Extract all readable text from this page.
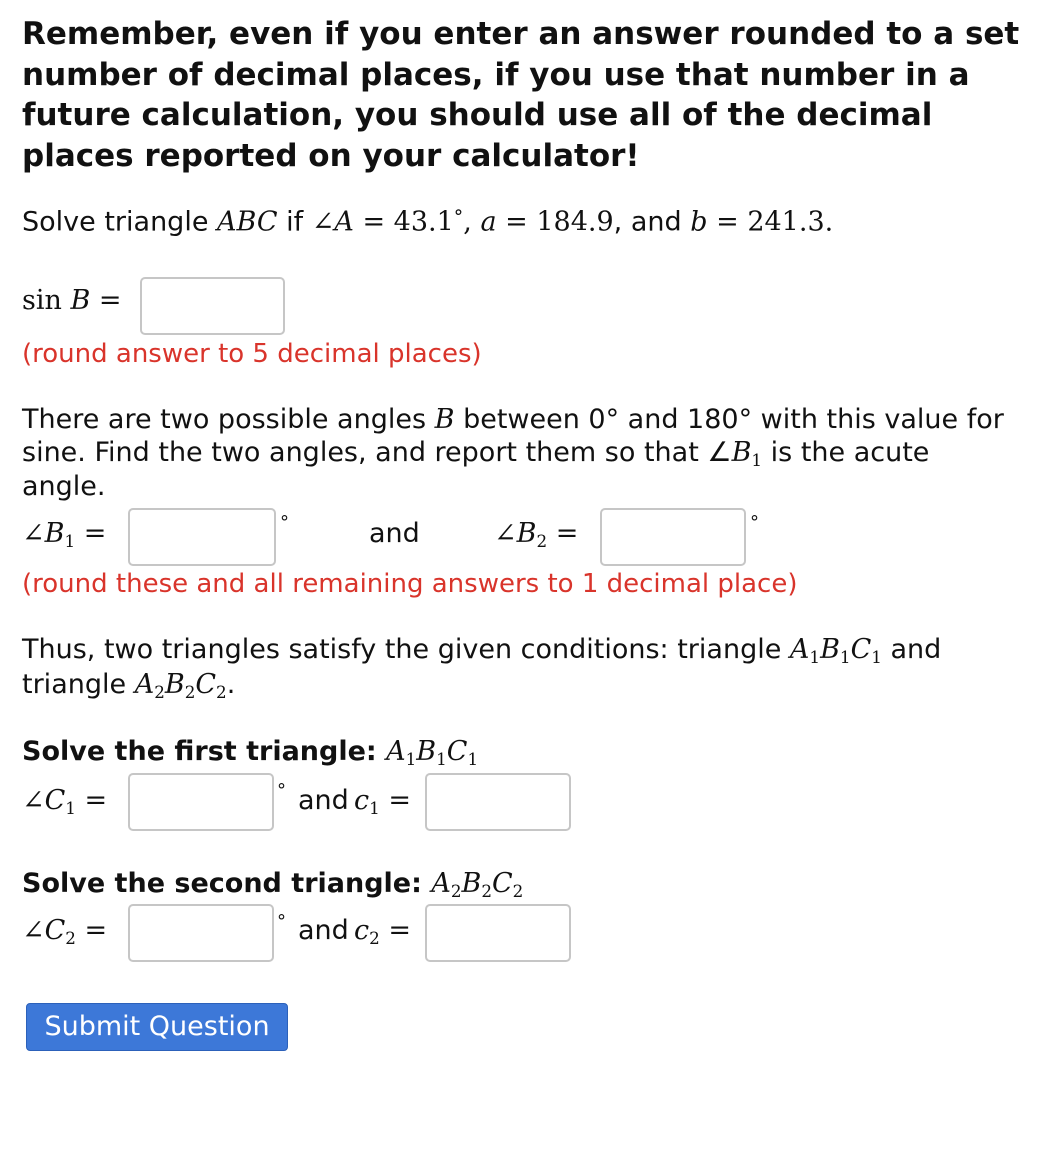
Remember, even if you enter an answer rounded to a set number of decimal places, if you use that number in a future calculation, you should use all of the decimal places reported on your calculator!
Solve triangle ABC if ∠A = 43.1°, a = 184.9, and b = 241.3.
sin B =
(round answer to 5 decimal places)
There are two possible angles B between 0° and 180° with this value for
sine. Find the two angles, and report them so that $\angle B_1$ is the acute
angle.
$\angle B_1$ =	°	and	$\angle B_2$ =	°
(round these and all remaining answers to 1 decimal place)
Thus, two triangles satisfy the given conditions: triangle $A_1B_1C_1$ and
triangle $A_2B_2C_2$.
Solve the first triangle: $A_1B_1C_1$
$\angle C_1$ =	° and $c_1$ =
Solve the second triangle: $A_2B_2C_2$
$\angle C_2$ =	° and $c_2$ =
Submit Question
